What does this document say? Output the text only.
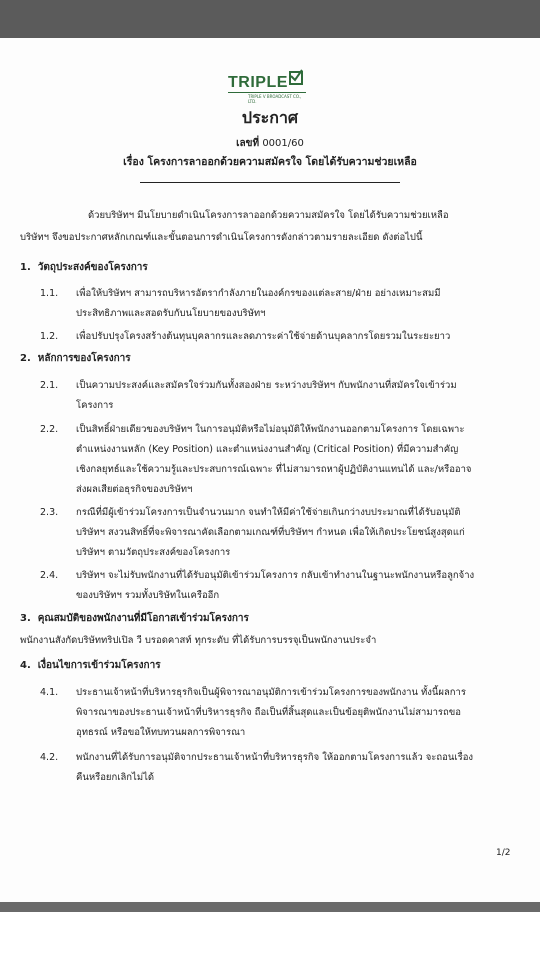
TRIPLE
TRIPLE V BROADCAST CO., LTD.
ประกาศ
เลขที่ 0001/60
เรื่อง โครงการลาออกด้วยความสมัครใจ โดยได้รับความช่วยเหลือ
ด้วยบริษัทฯ มีนโยบายดำเนินโครงการลาออกด้วยความสมัครใจ โดยได้รับความช่วยเหลือ
บริษัทฯ จึงขอประกาศหลักเกณฑ์และขั้นตอนการดำเนินโครงการดังกล่าวตามรายละเอียด ดังต่อไปนี้
1. วัตถุประสงค์ของโครงการ
1.1. เพื่อให้บริษัทฯ สามารถบริหารอัตรากำลังภายในองค์กรของแต่ละสาย/ฝ่าย อย่างเหมาะสมมี
ประสิทธิภาพและสอดรับกับนโยบายของบริษัทฯ
1.2. เพื่อปรับปรุงโครงสร้างต้นทุนบุคลากรและลดภาระค่าใช้จ่ายด้านบุคลากรโดยรวมในระยะยาว
2. หลักการของโครงการ
2.1. เป็นความประสงค์และสมัครใจร่วมกันทั้งสองฝ่าย ระหว่างบริษัทฯ กับพนักงานที่สมัครใจเข้าร่วม
โครงการ
2.2. เป็นสิทธิ์ฝ่ายเดียวของบริษัทฯ ในการอนุมัติหรือไม่อนุมัติให้พนักงานออกตามโครงการ โดยเฉพาะ
ตำแหน่งงานหลัก (Key Position) และตำแหน่งงานสำคัญ (Critical Position) ที่มีความสำคัญ
เชิงกลยุทธ์และใช้ความรู้และประสบการณ์เฉพาะ ที่ไม่สามารถหาผู้ปฏิบัติงานแทนได้ และ/หรืออาจ
ส่งผลเสียต่อธุรกิจของบริษัทฯ
2.3. กรณีที่มีผู้เข้าร่วมโครงการเป็นจำนวนมาก จนทำให้มีค่าใช้จ่ายเกินกว่างบประมาณที่ได้รับอนุมัติ
บริษัทฯ สงวนสิทธิ์ที่จะพิจารณาคัดเลือกตามเกณฑ์ที่บริษัทฯ กำหนด เพื่อให้เกิดประโยชน์สูงสุดแก่
บริษัทฯ ตามวัตถุประสงค์ของโครงการ
2.4. บริษัทฯ จะไม่รับพนักงานที่ได้รับอนุมัติเข้าร่วมโครงการ กลับเข้าทำงานในฐานะพนักงานหรือลูกจ้าง
ของบริษัทฯ รวมทั้งบริษัทในเครืออีก
3. คุณสมบัติของพนักงานที่มีโอกาสเข้าร่วมโครงการ
พนักงานสังกัดบริษัททริปเปิล วี บรอดคาสท์ ทุกระดับ ที่ได้รับการบรรจุเป็นพนักงานประจำ
4. เงื่อนไขการเข้าร่วมโครงการ
4.1. ประธานเจ้าหน้าที่บริหารธุรกิจเป็นผู้พิจารณาอนุมัติการเข้าร่วมโครงการของพนักงาน ทั้งนี้ผลการ
พิจารณาของประธานเจ้าหน้าที่บริหารธุรกิจ ถือเป็นที่สิ้นสุดและเป็นข้อยุติพนักงานไม่สามารถขอ
อุทธรณ์ หรือขอให้ทบทวนผลการพิจารณา
4.2. พนักงานที่ได้รับการอนุมัติจากประธานเจ้าหน้าที่บริหารธุรกิจ ให้ออกตามโครงการแล้ว จะถอนเรื่อง
คืนหรือยกเลิกไม่ได้
1/2
